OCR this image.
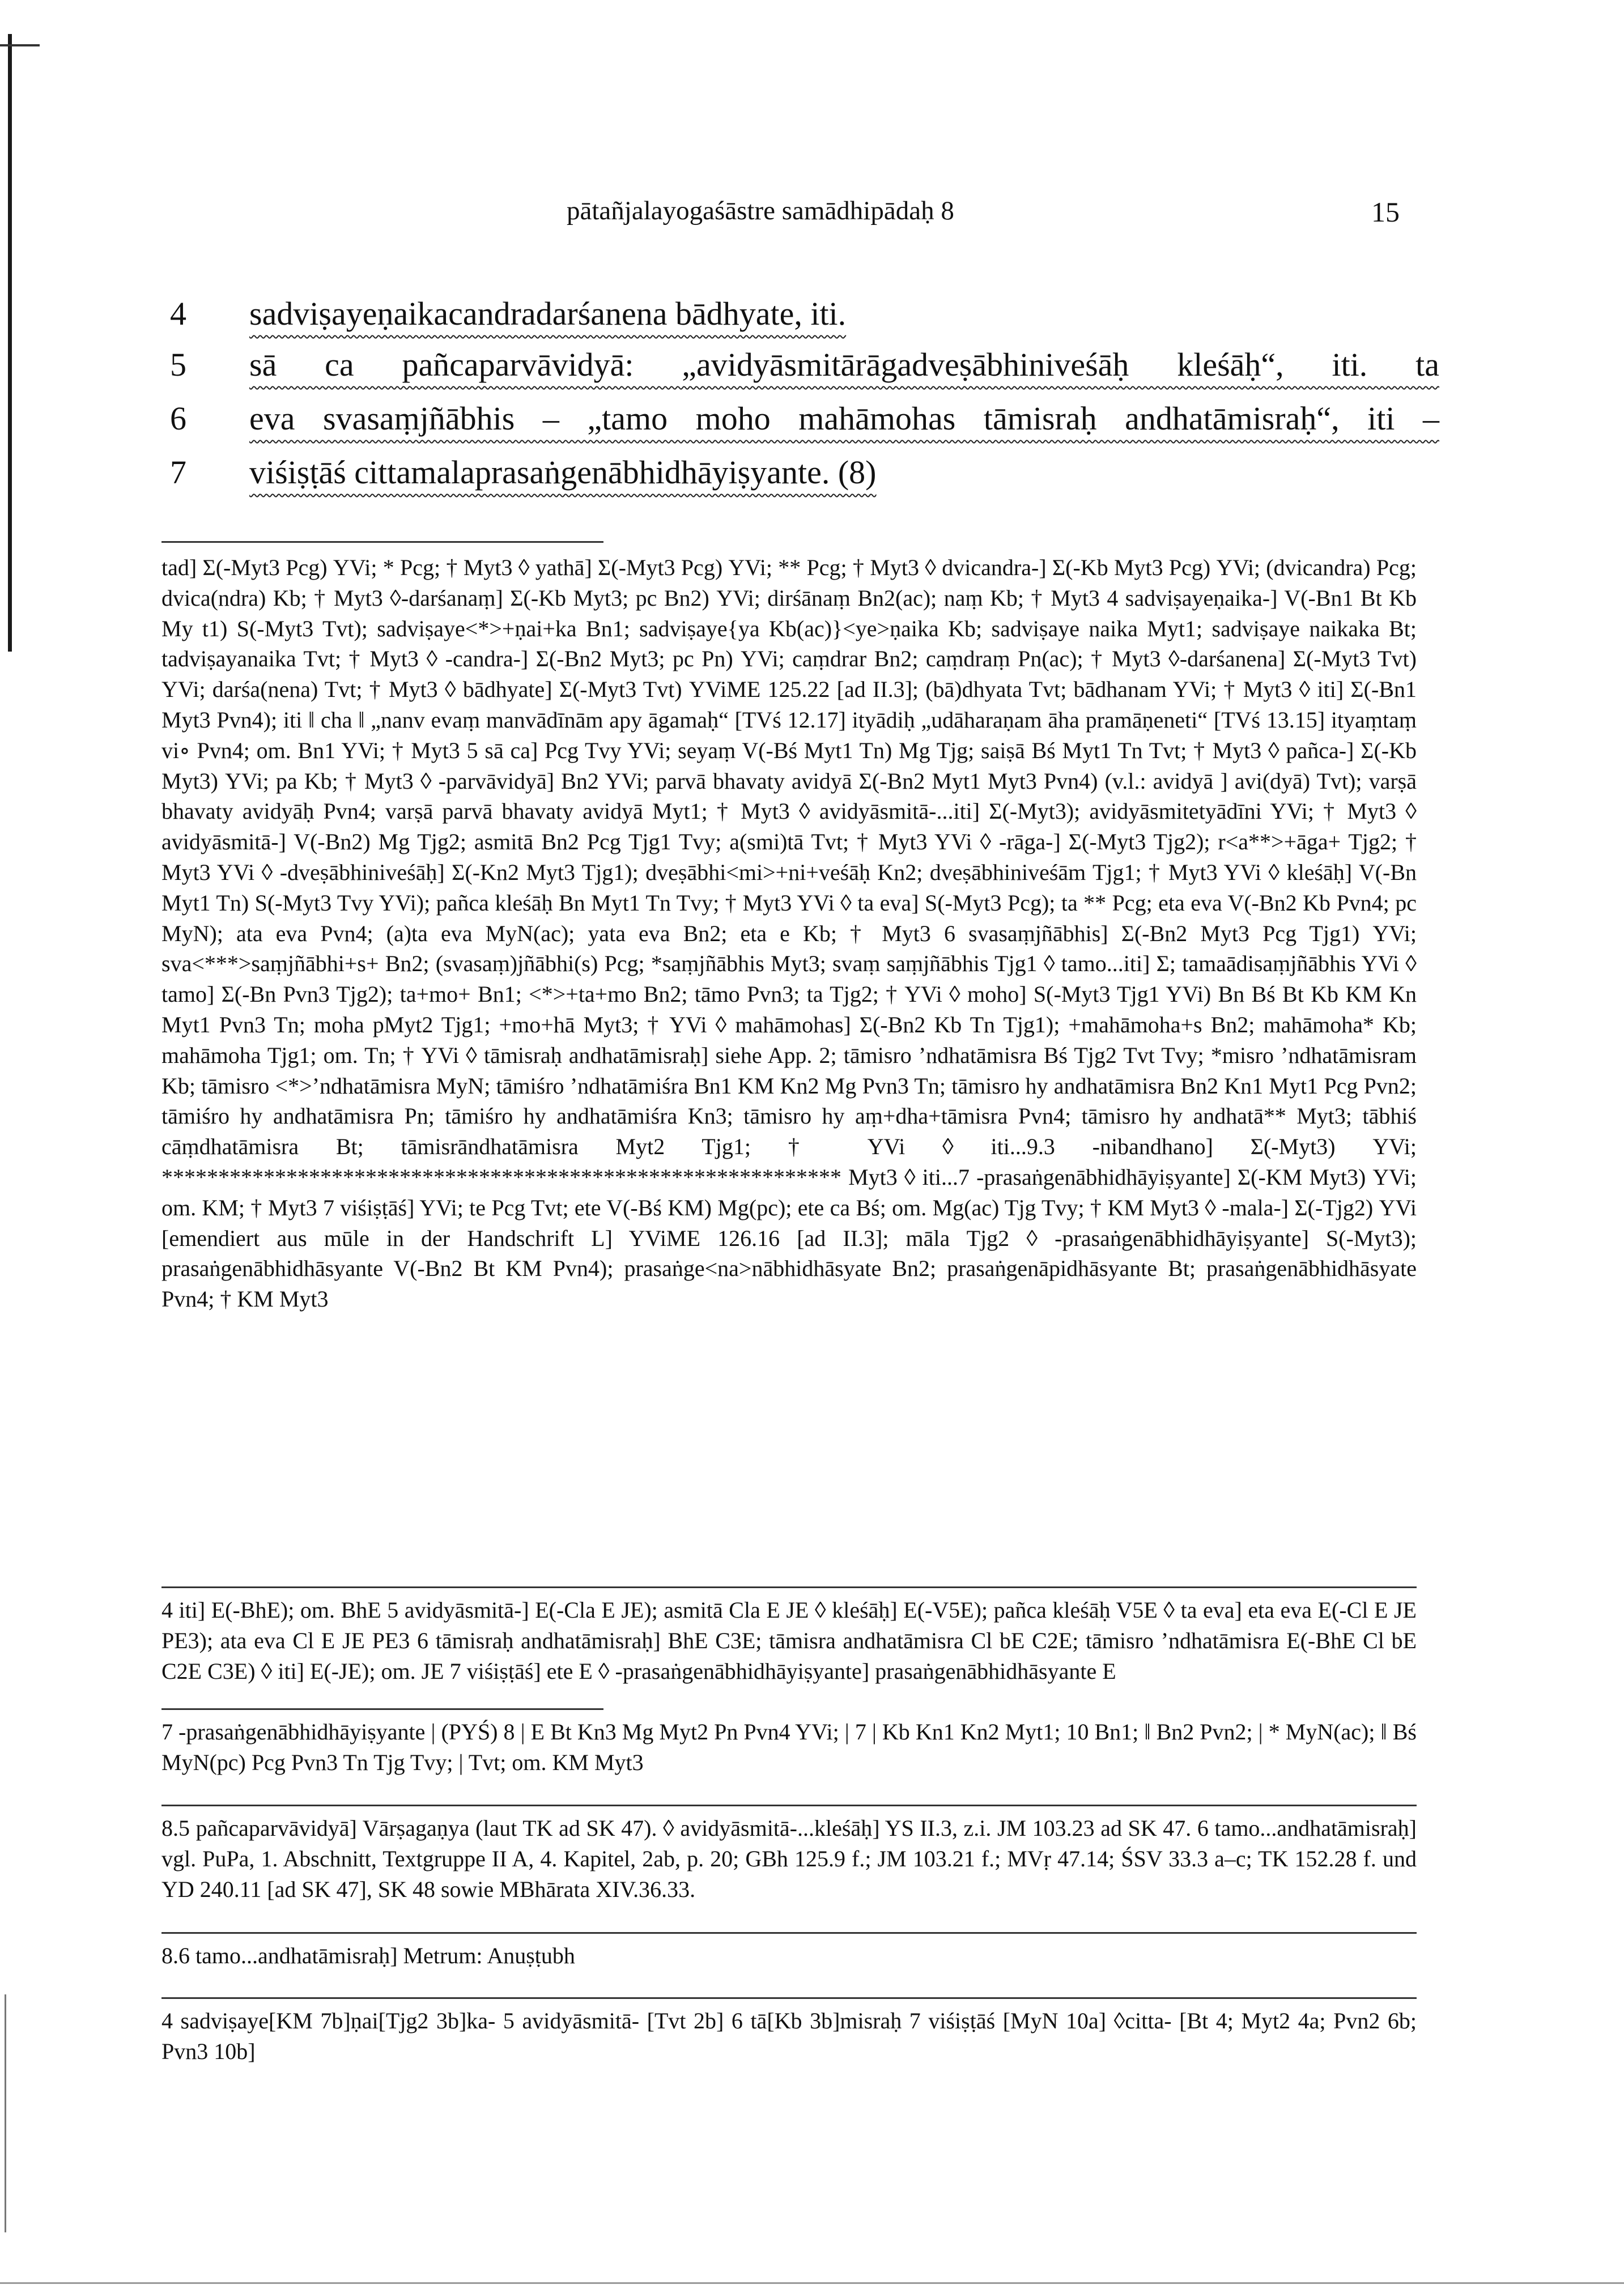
pātañjalayogaśāstre samādhipādaḥ 8	15
4	sadviṣayeṇaikacandradarśanena bādhyate, iti.
5	sā ca pañcaparvāvidyā: „avidyāsmitārāgadveṣābhiniveśāḥ kleśāḥ“, iti. ta
6	eva svasaṃjñābhis – „tamo moho mahāmohas tāmisraḥ andhatāmisraḥ“, iti –
7	viśiṣṭāś cittamalaprasaṅgenābhidhāyiṣyante. (8)
tad] Σ(-Myt3 Pcg) YVi; * Pcg; † Myt3 ◊ yathā] Σ(-Myt3 Pcg) YVi; ** Pcg; † Myt3 ◊ dvicandra-] Σ(-Kb Myt3 Pcg) YVi; (dvicandra) Pcg; dvica(ndra) Kb; † Myt3 ◊-darśanaṃ] Σ(-Kb Myt3; pc Bn2) YVi; dirśānaṃ Bn2(ac); naṃ Kb; † Myt3 4 sadviṣayeṇaika-] V(-Bn1 Bt Kb My t1) S(-Myt3 Tvt); sadviṣaye<*>+ṇai+ka Bn1; sadviṣaye{ya Kb(ac)}<ye>ṇaika Kb; sadviṣaye naika Myt1; sadviṣaye naikaka Bt; tadviṣayanaika Tvt; † Myt3 ◊ -candra-] Σ(-Bn2 Myt3; pc Pn) YVi; caṃdrar Bn2; caṃdraṃ Pn(ac); † Myt3 ◊-darśanena] Σ(-Myt3 Tvt) YVi; darśa(nena) Tvt; † Myt3 ◊ bādhyate] Σ(-Myt3 Tvt) YViME 125.22 [ad II.3]; (bā)dhyata Tvt; bādhanam YVi; † Myt3 ◊ iti] Σ(-Bn1 Myt3 Pvn4); iti ‖ cha ‖ „nanv evaṃ manvādīnām apy āgamaḥ“ [TVś 12.17] ityādiḥ „udāharaṇam āha pramāṇeneti“ [TVś 13.15] ityaṃtaṃ vi∘ Pvn4; om. Bn1 YVi; † Myt3 5 sā ca] Pcg Tvy YVi; seyaṃ V(-Bś Myt1 Tn) Mg Tjg; saiṣā Bś Myt1 Tn Tvt; † Myt3 ◊ pañca-] Σ(-Kb Myt3) YVi; pa Kb; † Myt3 ◊ -parvāvidyā] Bn2 YVi; parvā bhavaty avidyā Σ(-Bn2 Myt1 Myt3 Pvn4) (v.l.: avidyā ] avi(dyā) Tvt); varṣā bhavaty avidyāḥ Pvn4; varṣā parvā bhavaty avidyā Myt1; † Myt3 ◊ avidyāsmitā-...iti] Σ(-Myt3); avidyāsmitetyādīni YVi; † Myt3 ◊ avidyāsmitā-] V(-Bn2) Mg Tjg2; asmitā Bn2 Pcg Tjg1 Tvy; a(smi)tā Tvt; † Myt3 YVi ◊ -rāga-] Σ(-Myt3 Tjg2); r<a**>+āga+ Tjg2; † Myt3 YVi ◊ -dveṣābhiniveśāḥ] Σ(-Kn2 Myt3 Tjg1); dveṣābhi<mi>+ni+veśāḥ Kn2; dveṣābhiniveśām Tjg1; † Myt3 YVi ◊ kleśāḥ] V(-Bn Myt1 Tn) S(-Myt3 Tvy YVi); pañca kleśāḥ Bn Myt1 Tn Tvy; † Myt3 YVi ◊ ta eva] S(-Myt3 Pcg); ta ** Pcg; eta eva V(-Bn2 Kb Pvn4; pc MyN); ata eva Pvn4; (a)ta eva MyN(ac); yata eva Bn2; eta e Kb; † Myt3 6 svasaṃjñābhis] Σ(-Bn2 Myt3 Pcg Tjg1) YVi; sva<***>saṃjñābhi+s+ Bn2; (svasaṃ)jñābhi(s) Pcg; *saṃjñābhis Myt3; svaṃ saṃjñābhis Tjg1 ◊ tamo...iti] Σ; tamaādisaṃjñābhis YVi ◊ tamo] Σ(-Bn Pvn3 Tjg2); ta+mo+ Bn1; <*>+ta+mo Bn2; tāmo Pvn3; ta Tjg2; † YVi ◊ moho] S(-Myt3 Tjg1 YVi) Bn Bś Bt Kb KM Kn Myt1 Pvn3 Tn; moha pMyt2 Tjg1; +mo+hā Myt3; † YVi ◊ mahāmohas] Σ(-Bn2 Kb Tn Tjg1); +mahāmoha+s Bn2; mahāmoha* Kb; mahāmoha Tjg1; om. Tn; † YVi ◊ tāmisraḥ andhatāmisraḥ] siehe App. 2; tāmisro ’ndhatāmisra Bś Tjg2 Tvt Tvy; *misro ’ndhatāmisram Kb; tāmisro <*>’ndhatāmisra MyN; tāmiśro ’ndhatāmiśra Bn1 KM Kn2 Mg Pvn3 Tn; tāmisro hy andhatāmisra Bn2 Kn1 Myt1 Pcg Pvn2; tāmiśro hy andhatāmisra Pn; tāmiśro hy andhatāmiśra Kn3; tāmisro hy aṃ+dha+tāmisra Pvn4; tāmisro hy andhatā** Myt3; tābhiś cāṃdhatāmisra Bt; tāmisrāndhatāmisra Myt2 Tjg1; † YVi ◊ iti...9.3 -nibandhano] Σ(-Myt3) YVi; ************************************************************ Myt3 ◊ iti...7 -prasaṅgenābhidhāyiṣyante] Σ(-KM Myt3) YVi; om. KM; † Myt3 7 viśiṣṭāś] YVi; te Pcg Tvt; ete V(-Bś KM) Mg(pc); ete ca Bś; om. Mg(ac) Tjg Tvy; † KM Myt3 ◊ -mala-] Σ(-Tjg2) YVi [emendiert aus mūle in der Handschrift L] YViME 126.16 [ad II.3]; māla Tjg2 ◊ -prasaṅgenābhidhāyiṣyante] S(-Myt3); prasaṅgenābhidhāsyante V(-Bn2 Bt KM Pvn4); prasaṅge<na>nābhidhāsyate Bn2; prasaṅgenāpidhāsyante Bt; prasaṅgenābhidhāsyate Pvn4; † KM Myt3
4 iti] E(-BhE); om. BhE 5 avidyāsmitā-] E(-Cla E JE); asmitā Cla E JE ◊ kleśāḥ] E(-V5E); pañca kleśāḥ V5E ◊ ta eva] eta eva E(-Cl E JE PE3); ata eva Cl E JE PE3 6 tāmisraḥ andhatāmisraḥ] BhE C3E; tāmisra andhatāmisra Cl bE C2E; tāmisro ’ndhatāmisra E(-BhE Cl bE C2E C3E) ◊ iti] E(-JE); om. JE 7 viśiṣṭāś] ete E ◊ -prasaṅgenābhidhāyiṣyante] prasaṅgenābhidhāsyante E
7 -prasaṅgenābhidhāyiṣyante | (PYŚ) 8 | E Bt Kn3 Mg Myt2 Pn Pvn4 YVi; | 7 | Kb Kn1 Kn2 Myt1; 10 Bn1; ‖ Bn2 Pvn2; | * MyN(ac); ‖ Bś MyN(pc) Pcg Pvn3 Tn Tjg Tvy; | Tvt; om. KM Myt3
8.5 pañcaparvāvidyā] Vārṣagaṇya (laut TK ad SK 47). ◊ avidyāsmitā-...kleśāḥ] YS II.3, z.i. JM 103.23 ad SK 47. 6 tamo...andhatāmisraḥ] vgl. PuPa, 1. Abschnitt, Textgruppe II A, 4. Kapitel, 2ab, p. 20; GBh 125.9 f.; JM 103.21 f.; MVṛ 47.14; ŚSV 33.3 a–c; TK 152.28 f. und YD 240.11 [ad SK 47], SK 48 sowie MBhārata XIV.36.33.
8.6 tamo...andhatāmisraḥ] Metrum: Anuṣṭubh
4 sadviṣaye[KM 7b]ṇai[Tjg2 3b]ka- 5 avidyāsmitā- [Tvt 2b] 6 tā[Kb 3b]misraḥ 7 viśiṣṭāś [MyN 10a] ◊citta- [Bt 4; Myt2 4a; Pvn2 6b; Pvn3 10b]
